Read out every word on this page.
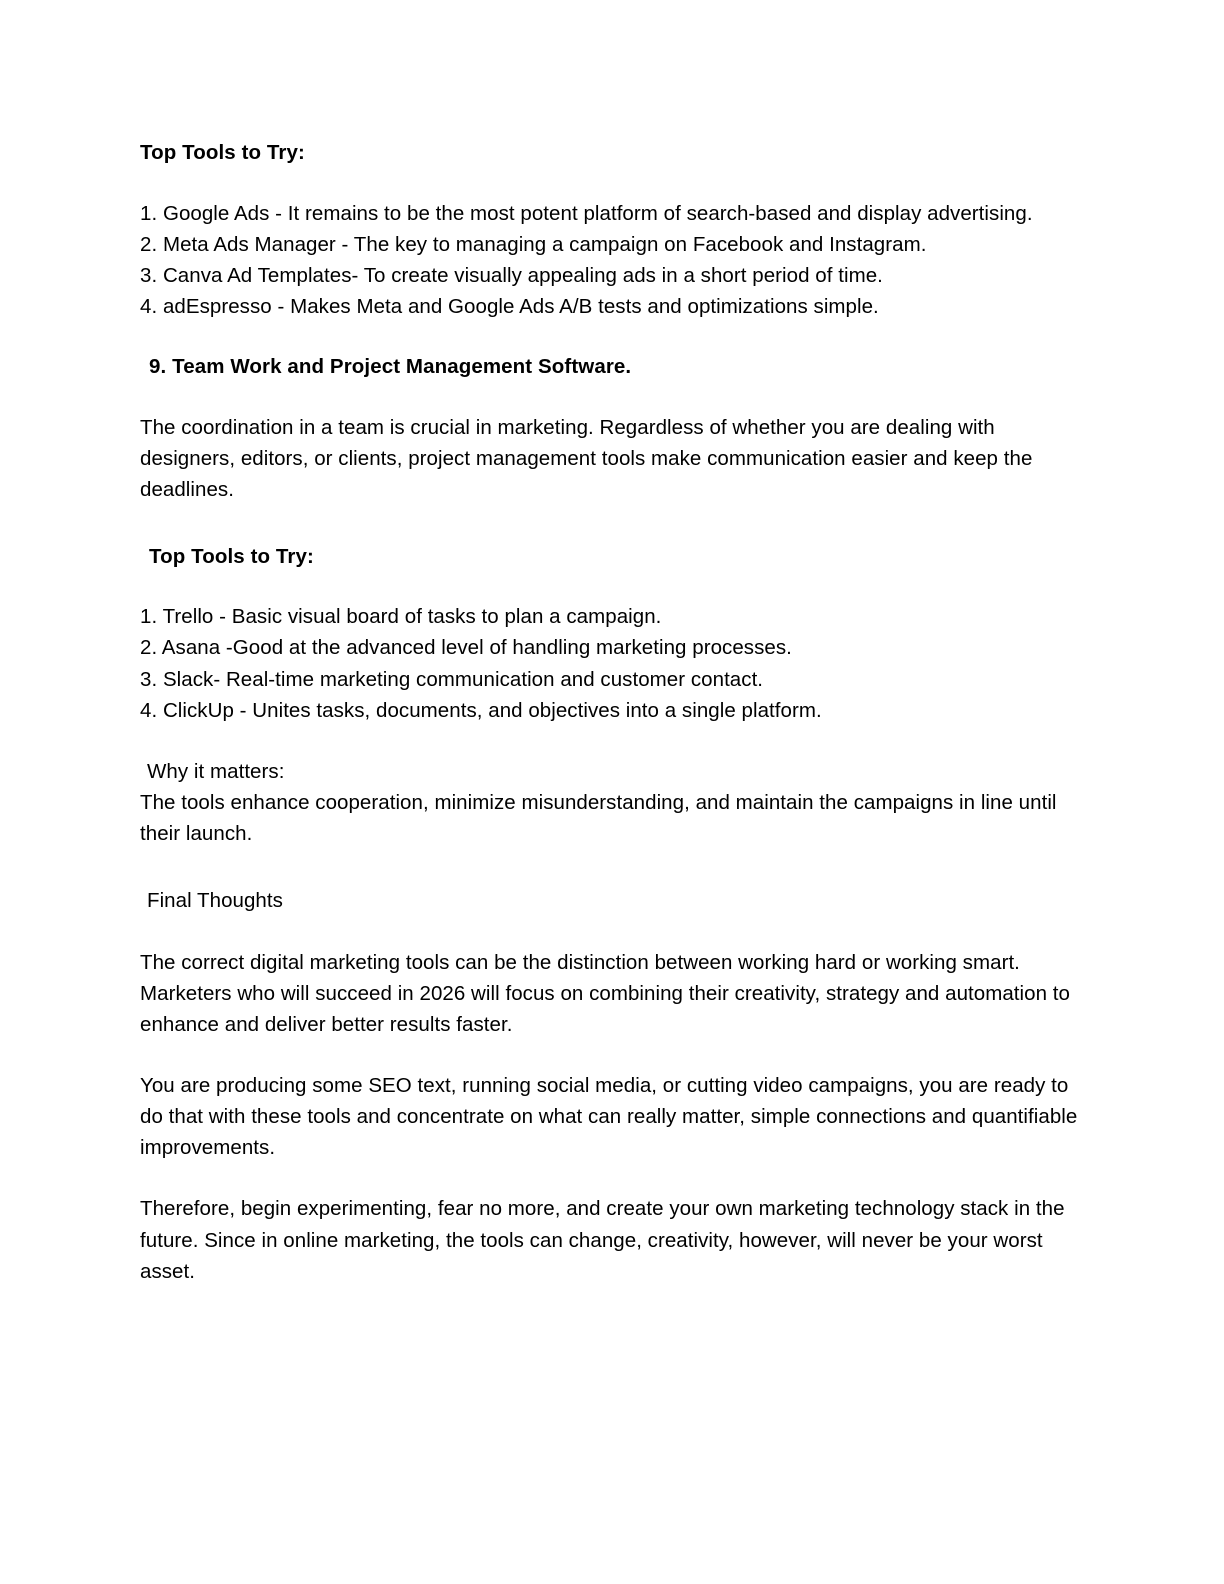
Top Tools to Try:
1. Google Ads - It remains to be the most potent platform of search-based and display advertising.
2. Meta Ads Manager - The key to managing a campaign on Facebook and Instagram.
3. Canva Ad Templates- To create visually appealing ads in a short period of time.
4. adEspresso - Makes Meta and Google Ads A/B tests and optimizations simple.
9. Team Work and Project Management Software.

The coordination in a team is crucial in marketing. Regardless of whether you are dealing with designers, editors, or clients, project management tools make communication easier and keep the deadlines.

Top Tools to Try:
1. Trello - Basic visual board of tasks to plan a campaign.
2. Asana -Good at the advanced level of handling marketing processes.
3. Slack- Real-time marketing communication and customer contact.
4. ClickUp - Unites tasks, documents, and objectives into a single platform.

Why it matters:

The tools enhance cooperation, minimize misunderstanding, and maintain the campaigns in line until their launch.

Final Thoughts

The correct digital marketing tools can be the distinction between working hard or working smart. Marketers who will succeed in 2026 will focus on combining their creativity, strategy and automation to enhance and deliver better results faster.

You are producing some SEO text, running social media, or cutting video campaigns, you are ready to do that with these tools and concentrate on what can really matter, simple connections and quantifiable improvements.

Therefore, begin experimenting, fear no more, and create your own marketing technology stack in the future. Since in online marketing, the tools can change, creativity, however, will never be your worst asset.
